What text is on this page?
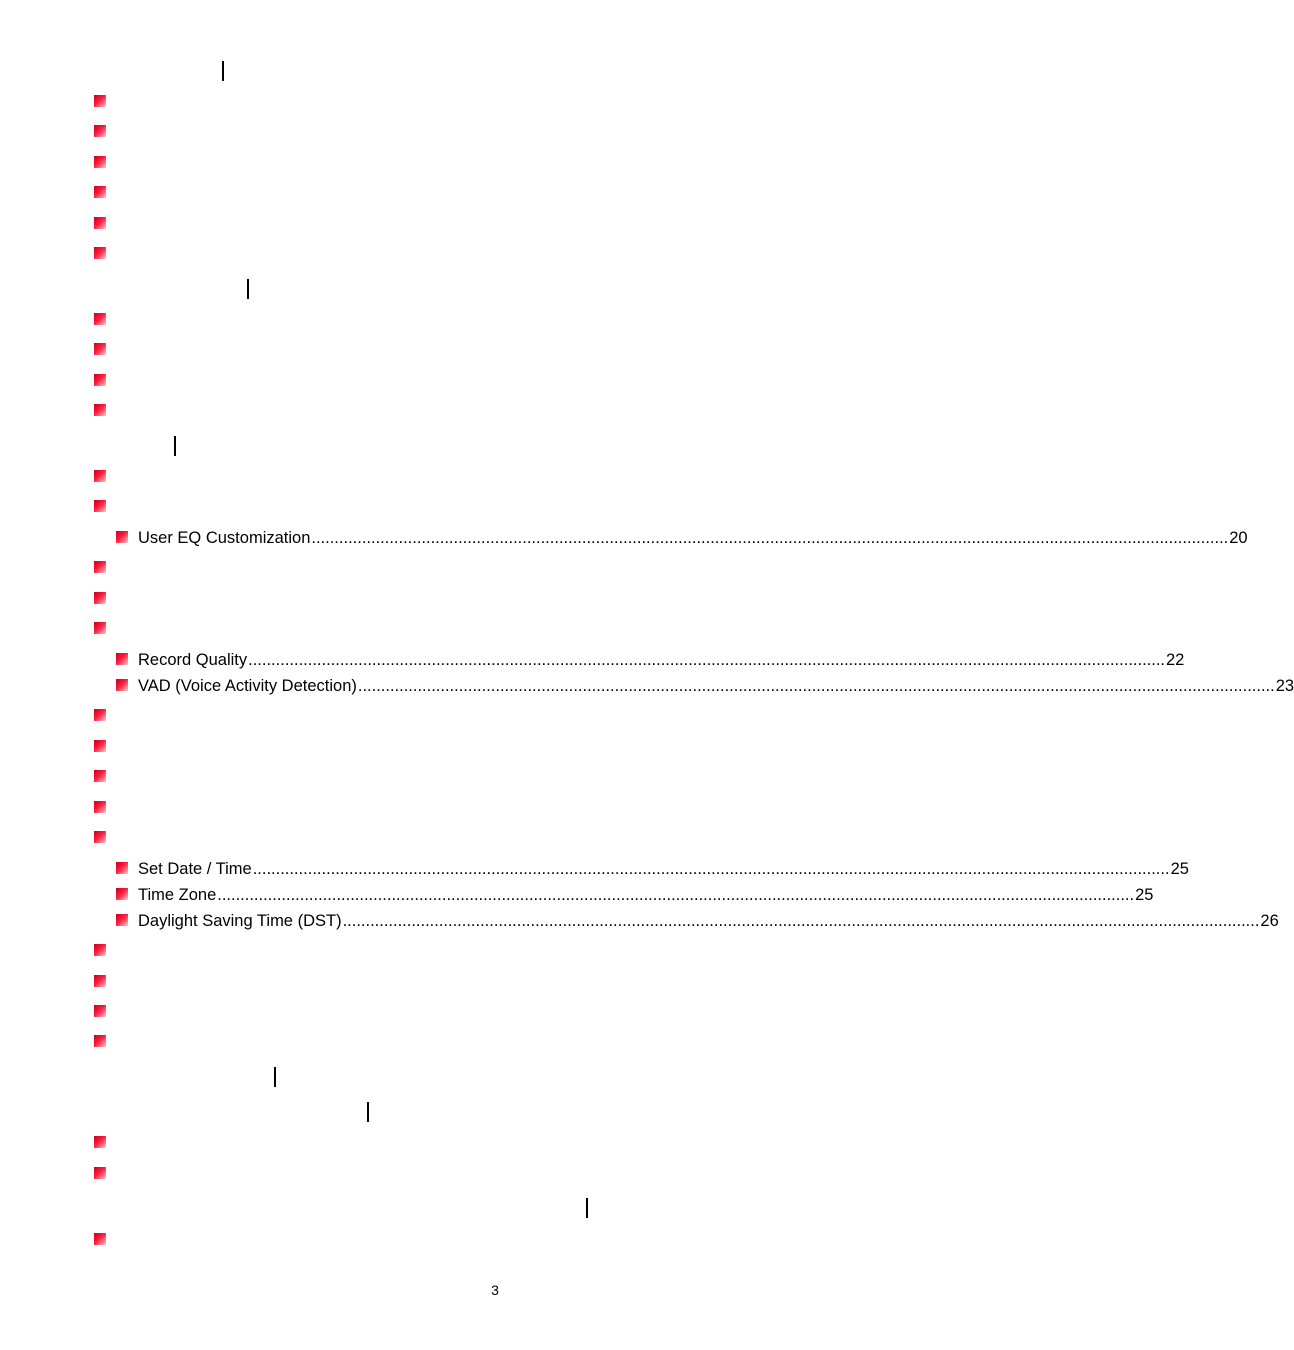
User EQ Customization ........................................................................................................................................................................................................ 20
Record Quality ........................................................................................................................................................................................................ 22
VAD (Voice Activity Detection) ........................................................................................................................................................................................................ 23
Set Date / Time ........................................................................................................................................................................................................ 25
Time Zone ........................................................................................................................................................................................................ 25
Daylight Saving Time (DST) ........................................................................................................................................................................................................ 26
3
